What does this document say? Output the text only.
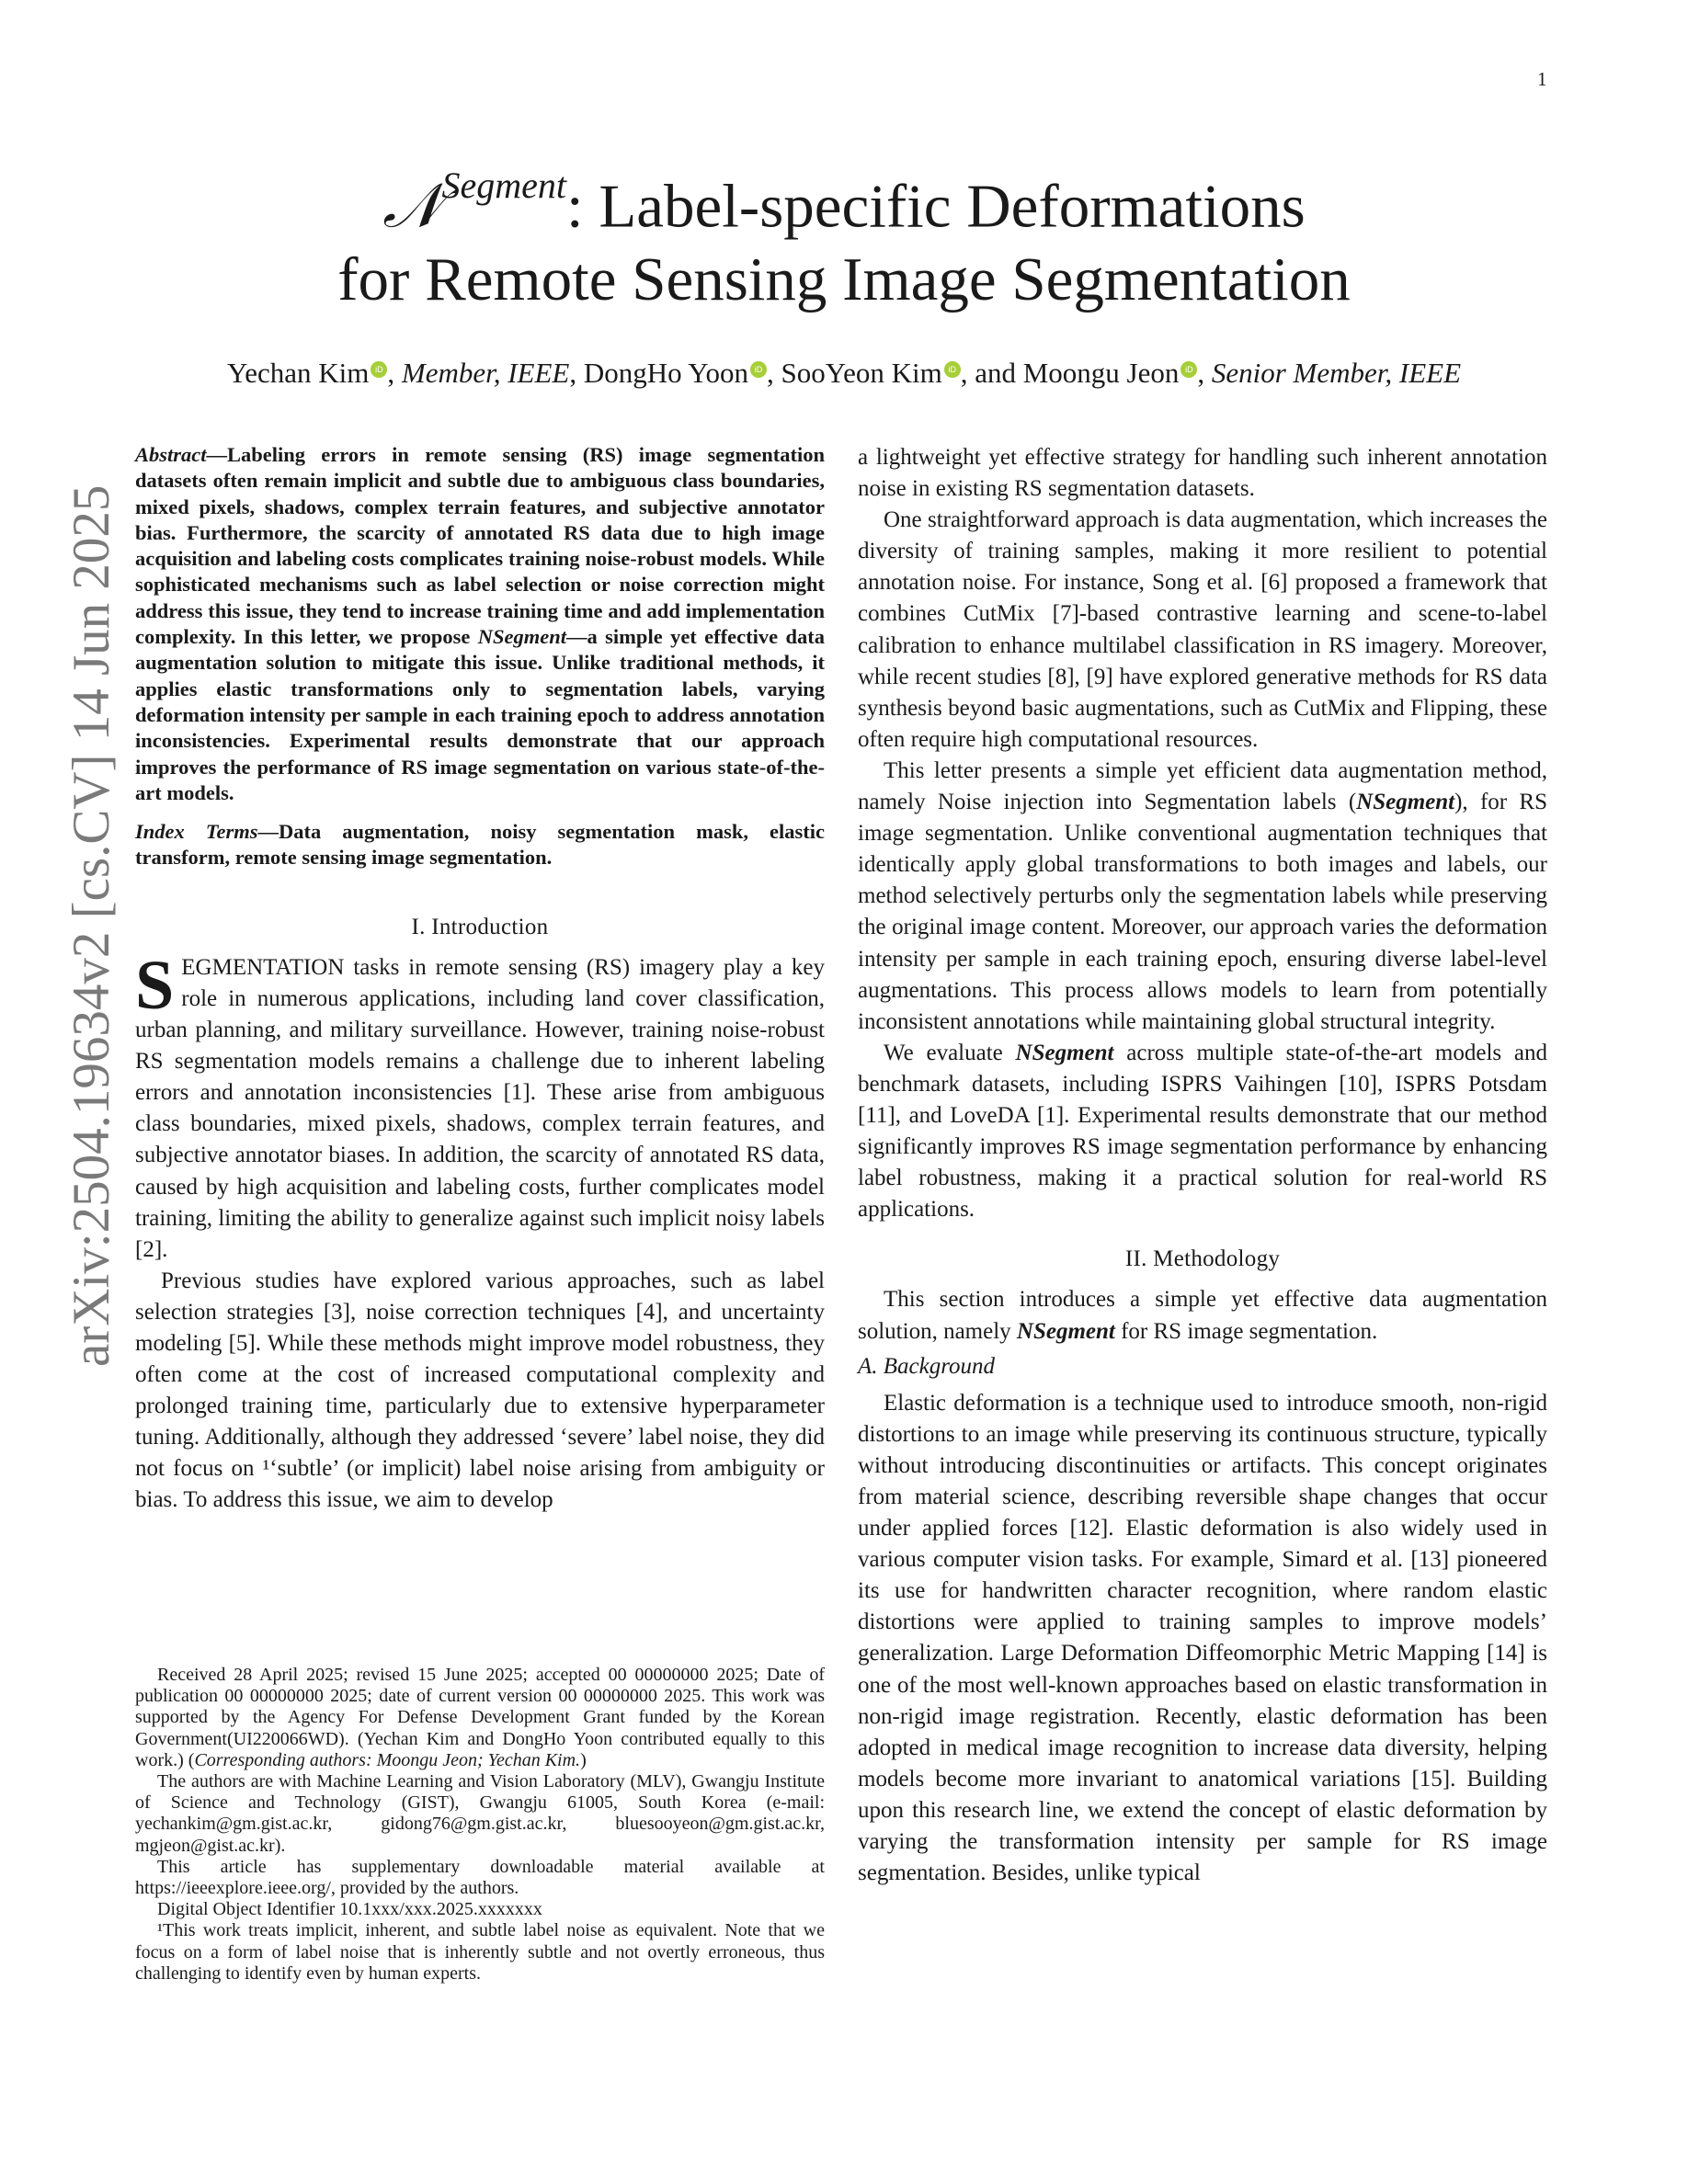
1
arXiv:2504.19634v2 [cs.CV] 14 Jun 2025
𝒩$^{Segment}$: Label-specific Deformations
for Remote Sensing Image Segmentation
Yechan Kim iD , Member, IEEE, DongHo Yoon iD , SooYeon Kim iD , and Moongu Jeon iD , Senior Member, IEEE
Abstract—Labeling errors in remote sensing (RS) image segmentation datasets often remain implicit and subtle due to ambiguous class boundaries, mixed pixels, shadows, complex terrain features, and subjective annotator bias. Furthermore, the scarcity of annotated RS data due to high image acquisition and labeling costs complicates training noise-robust models. While sophisticated mechanisms such as label selection or noise correction might address this issue, they tend to increase training time and add implementation complexity. In this letter, we propose NSegment—a simple yet effective data augmentation solution to mitigate this issue. Unlike traditional methods, it applies elastic transformations only to segmentation labels, varying deformation intensity per sample in each training epoch to address annotation inconsistencies. Experimental results demonstrate that our approach improves the performance of RS image segmentation on various state-of-the-art models.
Index Terms—Data augmentation, noisy segmentation mask, elastic transform, remote sensing image segmentation.
I. Introduction

SEGMENTATION tasks in remote sensing (RS) imagery play a key role in numerous applications, including land cover classification, urban planning, and military surveillance. However, training noise-robust RS segmentation models remains a challenge due to inherent labeling errors and annotation inconsistencies [1]. These arise from ambiguous class boundaries, mixed pixels, shadows, complex terrain features, and subjective annotator biases. In addition, the scarcity of annotated RS data, caused by high acquisition and labeling costs, further complicates model training, limiting the ability to generalize against such implicit noisy labels [2].

Previous studies have explored various approaches, such as label selection strategies [3], noise correction techniques [4], and uncertainty modeling [5]. While these methods might improve model robustness, they often come at the cost of increased computational complexity and prolonged training time, particularly due to extensive hyperparameter tuning. Additionally, although they addressed ‘severe’ label noise, they did not focus on ¹‘subtle’ (or implicit) label noise arising from ambiguity or bias. To address this issue, we aim to develop

Received 28 April 2025; revised 15 June 2025; accepted 00 00000000 2025; Date of publication 00 00000000 2025; date of current version 00 00000000 2025. This work was supported by the Agency For Defense Development Grant funded by the Korean Government(UI220066WD). (Yechan Kim and DongHo Yoon contributed equally to this work.) (Corresponding authors: Moongu Jeon; Yechan Kim.)

The authors are with Machine Learning and Vision Laboratory (MLV), Gwangju Institute of Science and Technology (GIST), Gwangju 61005, South Korea (e-mail: yechankim@gm.gist.ac.kr, gidong76@gm.gist.ac.kr, bluesooyeon@gm.gist.ac.kr, mgjeon@gist.ac.kr).

This article has supplementary downloadable material available at https://ieeexplore.ieee.org/, provided by the authors.

Digital Object Identifier 10.1xxx/xxx.2025.xxxxxxx

¹This work treats implicit, inherent, and subtle label noise as equivalent. Note that we focus on a form of label noise that is inherently subtle and not overtly erroneous, thus challenging to identify even by human experts.

a lightweight yet effective strategy for handling such inherent annotation noise in existing RS segmentation datasets.

One straightforward approach is data augmentation, which increases the diversity of training samples, making it more resilient to potential annotation noise. For instance, Song et al. [6] proposed a framework that combines CutMix [7]-based contrastive learning and scene-to-label calibration to enhance multilabel classification in RS imagery. Moreover, while recent studies [8], [9] have explored generative methods for RS data synthesis beyond basic augmentations, such as CutMix and Flipping, these often require high computational resources.

This letter presents a simple yet efficient data augmentation method, namely Noise injection into Segmentation labels (NSegment), for RS image segmentation. Unlike conventional augmentation techniques that identically apply global transformations to both images and labels, our method selectively perturbs only the segmentation labels while preserving the original image content. Moreover, our approach varies the deformation intensity per sample in each training epoch, ensuring diverse label-level augmentations. This process allows models to learn from potentially inconsistent annotations while maintaining global structural integrity.

We evaluate NSegment across multiple state-of-the-art models and benchmark datasets, including ISPRS Vaihingen [10], ISPRS Potsdam [11], and LoveDA [1]. Experimental results demonstrate that our method significantly improves RS image segmentation performance by enhancing label robustness, making it a practical solution for real-world RS applications.

II. Methodology

This section introduces a simple yet effective data augmentation solution, namely NSegment for RS image segmentation.

A. Background

Elastic deformation is a technique used to introduce smooth, non-rigid distortions to an image while preserving its continuous structure, typically without introducing discontinuities or artifacts. This concept originates from material science, describing reversible shape changes that occur under applied forces [12]. Elastic deformation is also widely used in various computer vision tasks. For example, Simard et al. [13] pioneered its use for handwritten character recognition, where random elastic distortions were applied to training samples to improve models’ generalization. Large Deformation Diffeomorphic Metric Mapping [14] is one of the most well-known approaches based on elastic transformation in non-rigid image registration. Recently, elastic deformation has been adopted in medical image recognition to increase data diversity, helping models become more invariant to anatomical variations [15]. Building upon this research line, we extend the concept of elastic deformation by varying the transformation intensity per sample for RS image segmentation. Besides, unlike typical
